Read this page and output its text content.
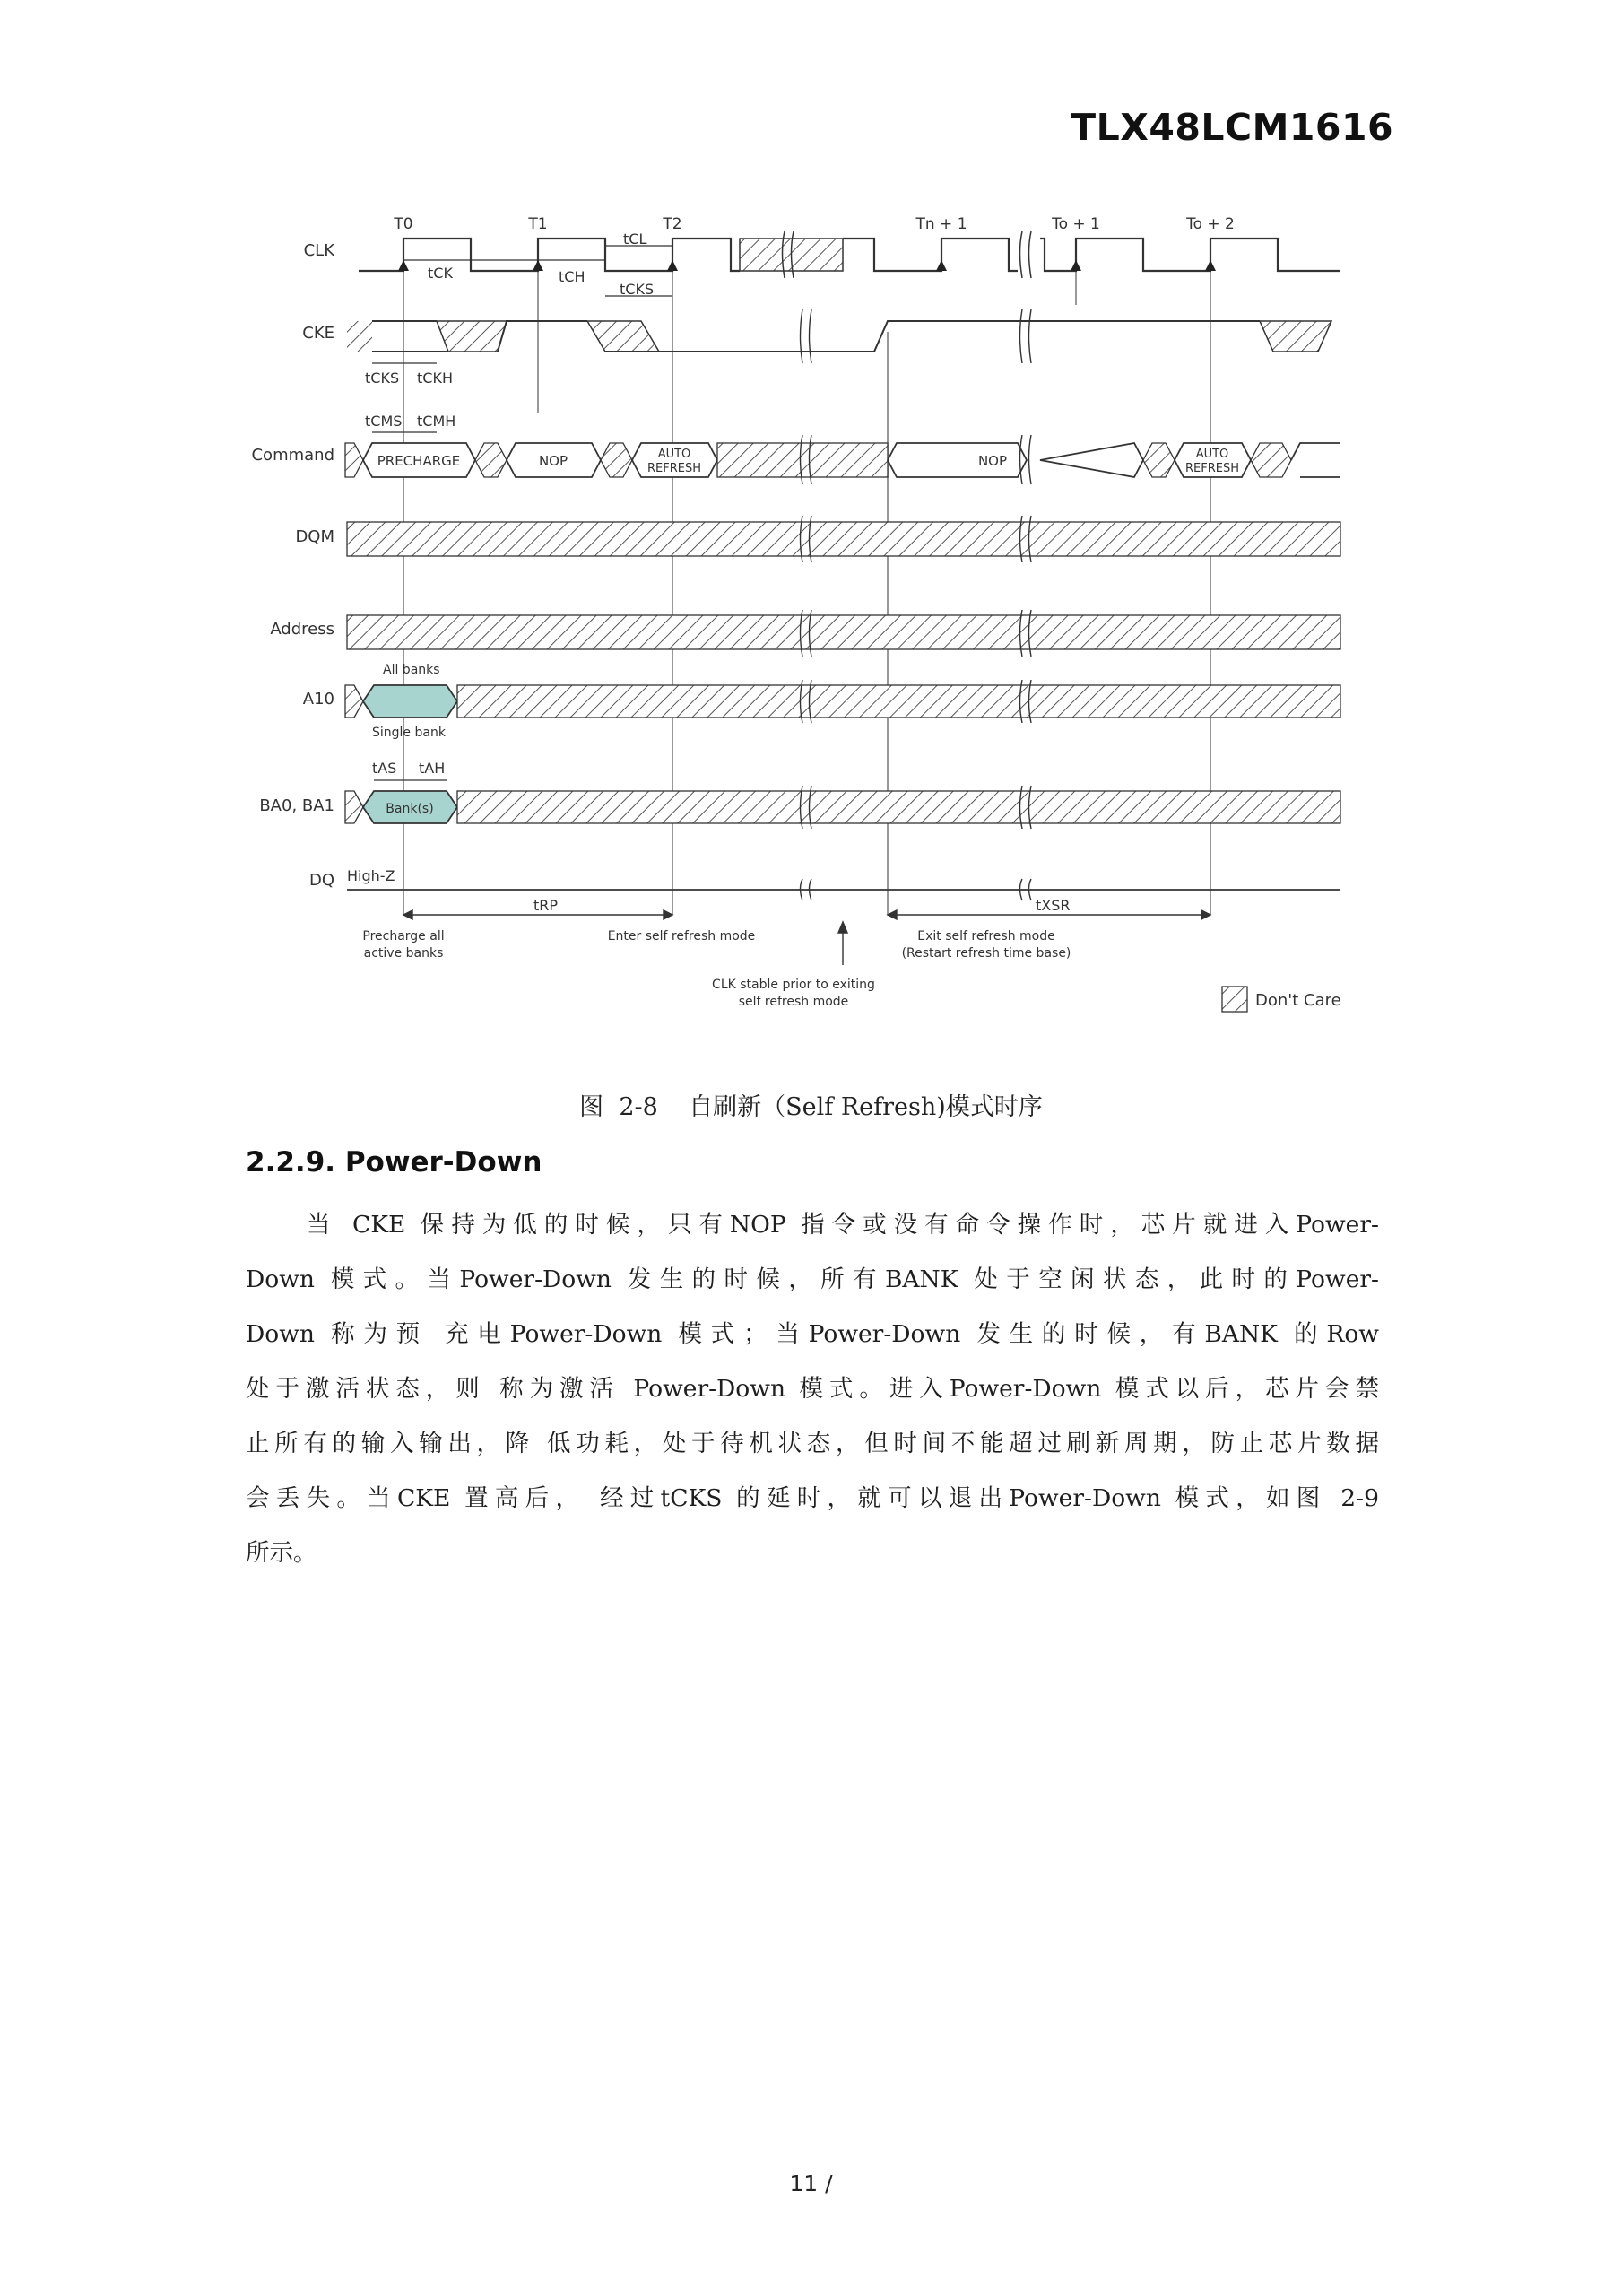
TLX48LCM1616
CLK
CKE
Command
DQM
Address
A10
BA0, BA1
DQ
T0	T1	T2	Tn + 1	To + 1	To + 2
tCK	tCH
tCL
tCKS
tCKS tCKH
tCMS tCMH
PRECHARGE	NOP	AUTO
REFRESH	NOP	AUTO
REFRESH
All banks
Single bank
tAS tAH
Bank(s)
High-Z
tRP	tXSR
Precharge all
active banks
Enter self refresh mode
CLK stable prior to exiting
self refresh mode
Exit self refresh mode
(Restart refresh time base)
Don't Care
图  2-8    自刷新（Self Refresh)模式时序
2.2.9. Power-Down
当 CKE 保持为低的时候，只有NOP 指令或没有命令操作时，芯片就进入Power-
Down 模式。当Power-Down 发生的时候，所有BANK 处于空闲状态，此时的Power-
Down 称为预 充电Power-Down 模式；当Power-Down 发生的时候，有BANK 的Row
处于激活状态，则 称为激活 Power-Down 模式。进入Power-Down 模式以后，芯片会禁
止所有的输入输出，降 低功耗，处于待机状态，但时间不能超过刷新周期，防止芯片数据
会丢失。当CKE 置高后， 经过tCKS 的延时，就可以退出Power-Down 模式，如图 2-9
所示。
11 /
